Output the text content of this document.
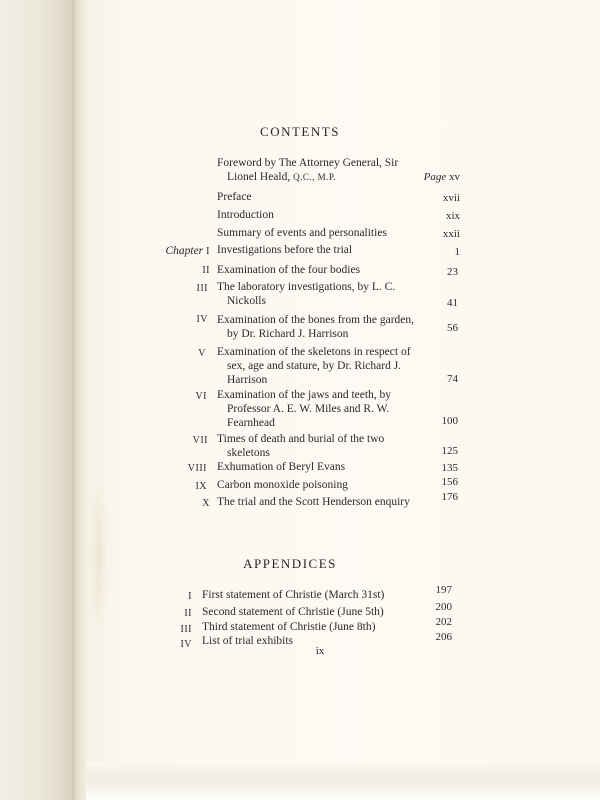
CONTENTS
Foreword by The Attorney General, Sir
Lionel Heald, Q.C., M.P.	Page xv
Preface	xvii
Introduction	xix
Summary of events and personalities	xxii
Chapter I Investigations before the trial	1
II Examination of the four bodies	23
III The laboratory investigations, by L. C.
Nickolls	41
IV Examination of the bones from the garden,
by Dr. Richard J. Harrison	56
V Examination of the skeletons in respect of
sex, age and stature, by Dr. Richard J.
Harrison	74
VI Examination of the jaws and teeth, by
Professor A. E. W. Miles and R. W.
Fearnhead	100
VII Times of death and burial of the two
skeletons	125
VIII Exhumation of Beryl Evans	135
IX Carbon monoxide poisoning	156
X The trial and the Scott Henderson enquiry	176
APPENDICES
I First statement of Christie (March 31st)	197
II Second statement of Christie (June 5th)	200
III Third statement of Christie (June 8th)	202
IV List of trial exhibits	206
ix
